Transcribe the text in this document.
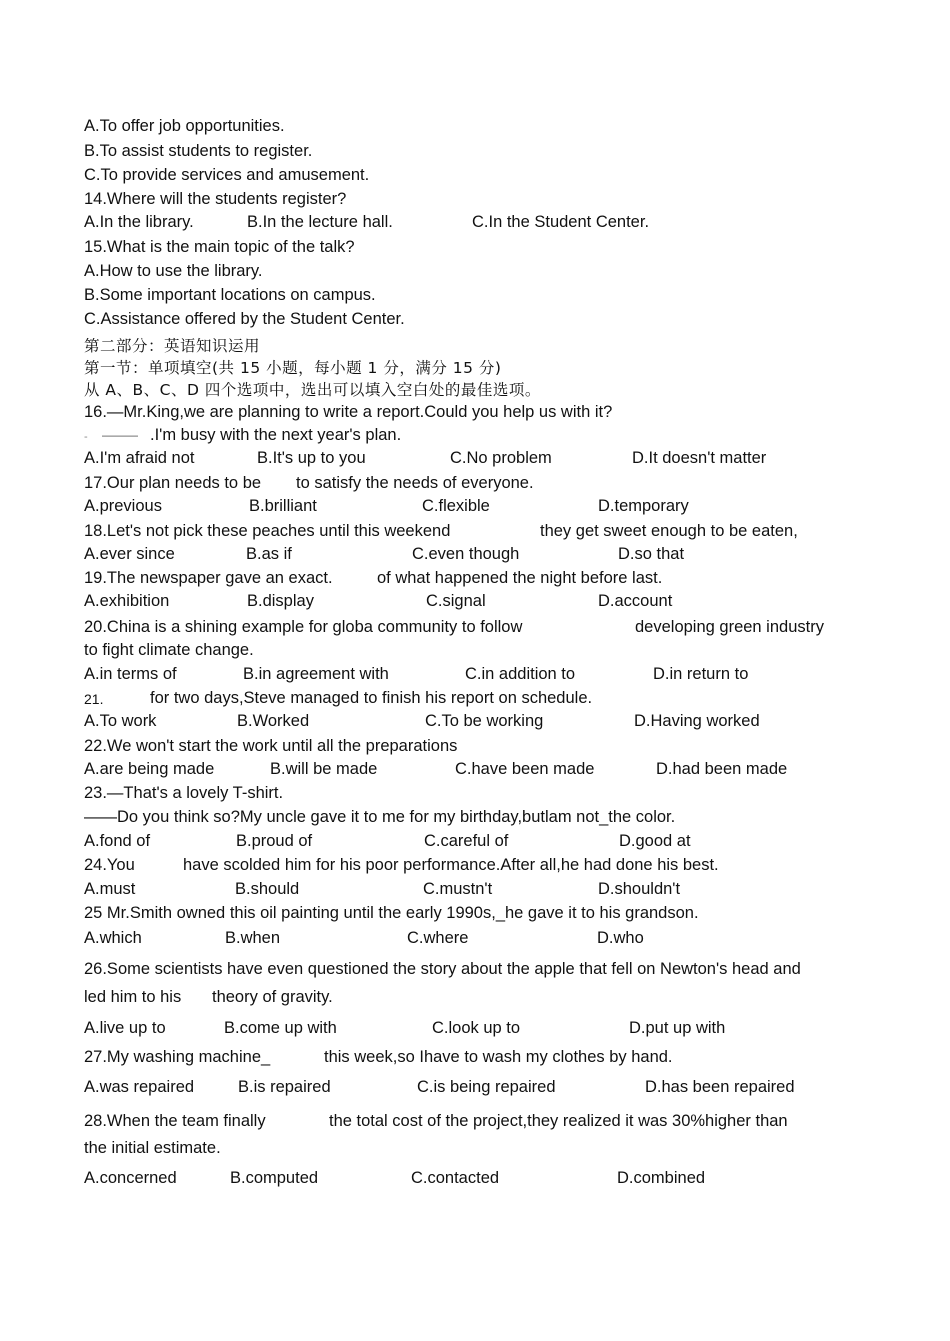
A.To offer job opportunities.
B.To assist students to register.
C.To provide services and amusement.
14.Where will the students register?
A.In the library.	B.In the lecture hall.	C.In the Student Center.
15.What is the main topic of the talk?
A.How to use the library.
B.Some important locations on campus.
C.Assistance offered by the Student Center.
第二部分：英语知识运用
第一节：单项填空(共 15 小题，每小题 1 分，满分 15 分)
从 A、B、C、D 四个选项中，选出可以填入空白处的最佳选项。
16.—Mr.King,we are planning to write a report.Could you help us with it?
- ——— .I'm busy with the next year's plan.
A.I'm afraid not	B.It's up to you	C.No problem	D.It doesn't matter
17.Our plan needs to be to satisfy the needs of everyone.
A.previous	B.brilliant	C.flexible	D.temporary
18.Let's not pick these peaches until this weekend	they get sweet enough to be eaten,
A.ever since	B.as if	C.even though	D.so that
19.The newspaper gave an exact.	of what happened the night before last.
A.exhibition	B.display	C.signal	D.account
20.China is a shining example for globa community to follow	developing green industry
to fight climate change.
A.in terms of	B.in agreement with	C.in addition to	D.in return to
21.	for two days,Steve managed to finish his report on schedule.
A.To work	B.Worked	C.To be working	D.Having worked
22.We won't start the work until all the preparations
A.are being made	B.will be made	C.have been made	D.had been made
23.—That's a lovely T-shirt.
——Do you think so?My uncle gave it to me for my birthday,butlam not_the color.
A.fond of	B.proud of	C.careful of	D.good at
24.You	have scolded him for his poor performance.After all,he had done his best.
A.must	B.should	C.mustn't	D.shouldn't
25 Mr.Smith owned this oil painting until the early 1990s,_he gave it to his grandson.
A.which	B.when	C.where	D.who
26.Some scientists have even questioned the story about the apple that fell on Newton's head and
led him to his theory of gravity.
A.live up to	B.come up with	C.look up to	D.put up with
27.My washing machine_	this week,so Ihave to wash my clothes by hand.
A.was repaired	B.is repaired	C.is being repaired	D.has been repaired
28.When the team finally	the total cost of the project,they realized it was 30%higher than
the initial estimate.
A.concerned	B.computed	C.contacted	D.combined
